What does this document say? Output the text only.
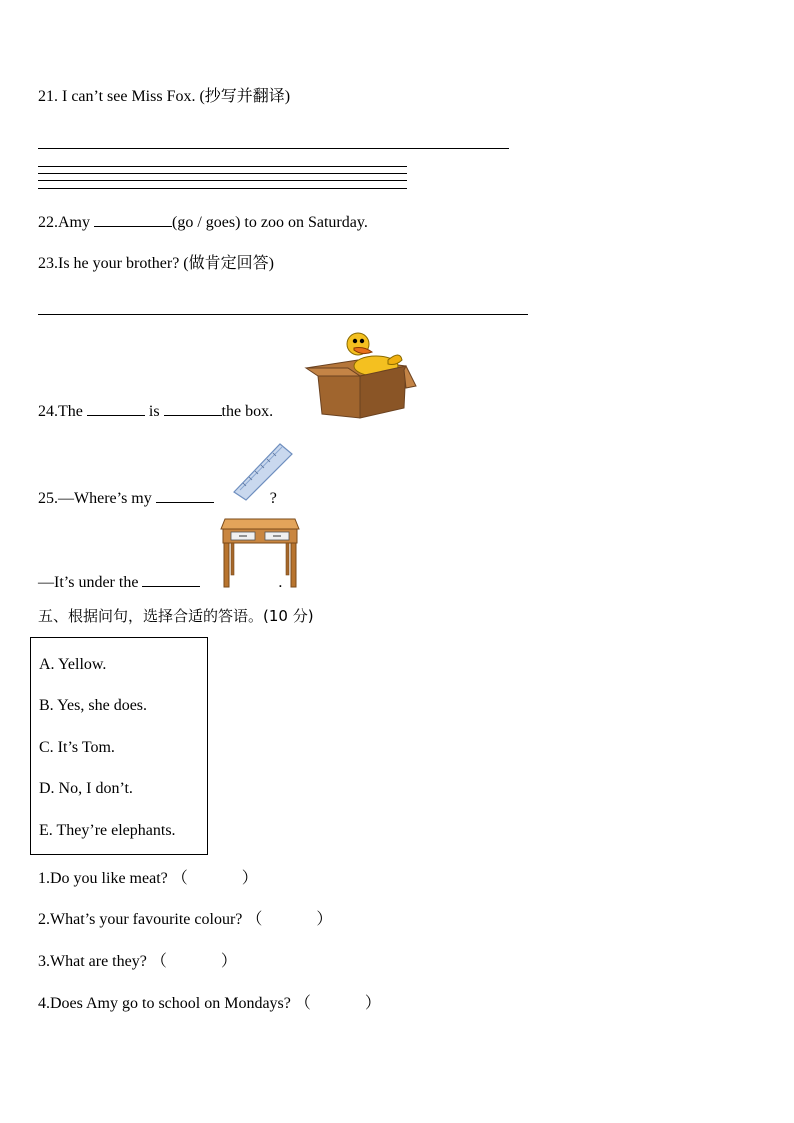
21. I can’t see Miss Fox. (抄写并翻译)
22.Amy	(go / goes) to zoo on Saturday.
23.Is he your brother? (做肯定回答)
24.The	is	the box.
25.—Where’s my	?
—It’s under the	.
五、根据问句，选择合适的答语。(10 分)
A. Yellow.
B. Yes, she does.
C. It’s Tom.
D. No, I don’t.
E. They’re elephants.
1.Do you like meat? （	）
2.What’s your favourite colour? （	）
3.What are they? （	）
4.Does Amy go to school on Mondays? （	）
